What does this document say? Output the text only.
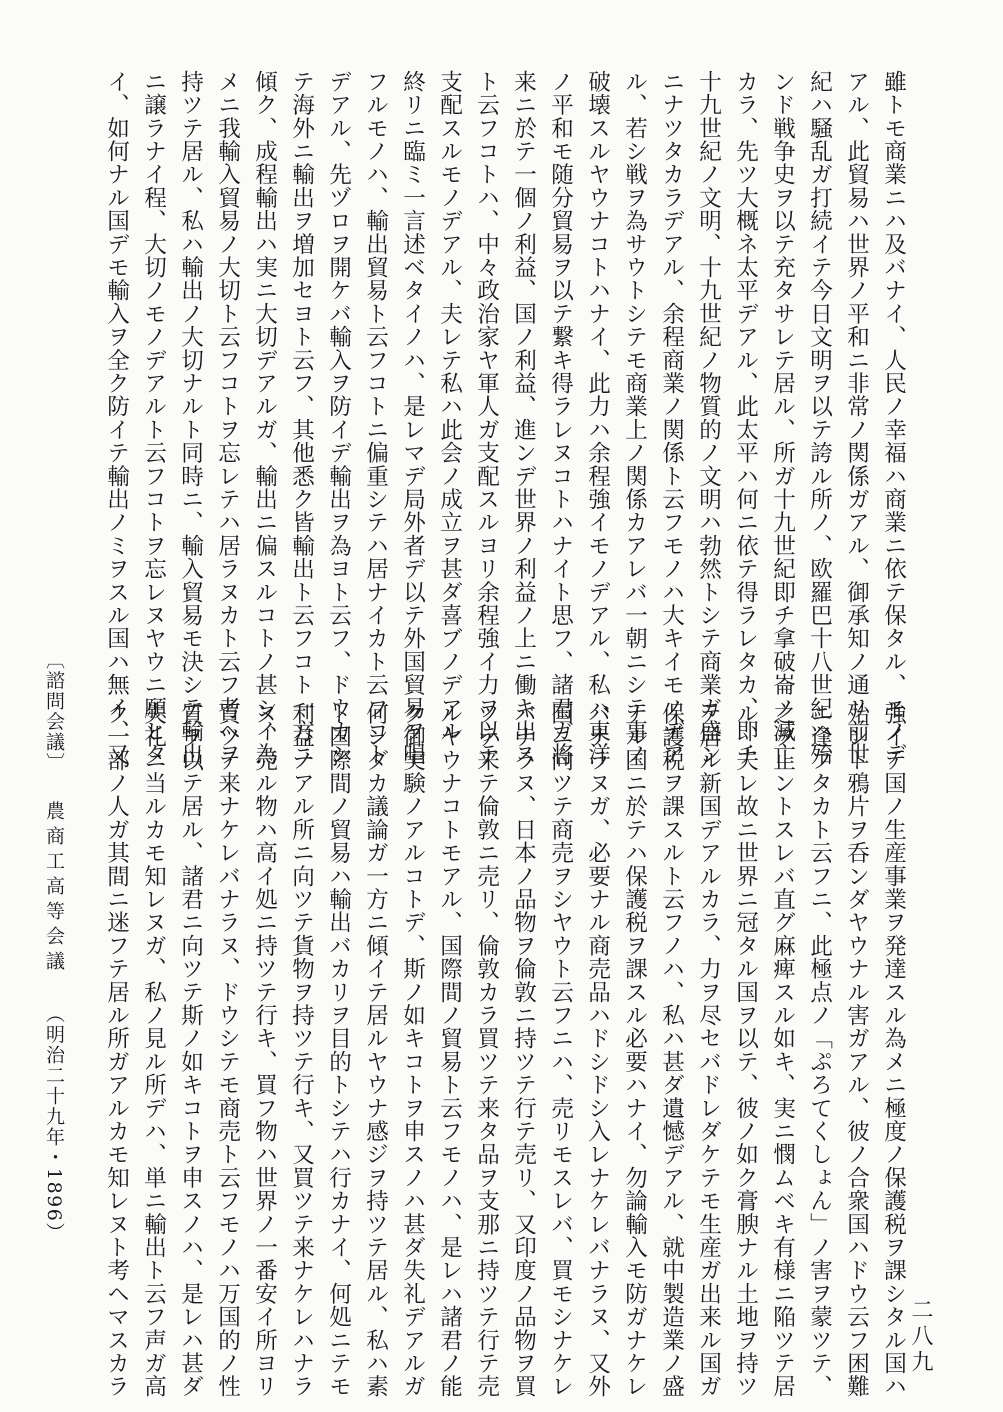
〔諮問会議〕農商工高等会議（明治二十九年・1896）
雖トモ商業ニハ及バナイ、人民ノ幸福ハ商業ニ依テ保タル、モノデ
アル、此貿易ハ世界ノ平和ニ非常ノ関係ガアル、御承知ノ通リ前世
紀ハ騒乱ガ打続イテ今日文明ヲ以テ誇ル所ノ、欧羅巴十八世紀ハ殆
ンド戦争史ヲ以テ充タサレテ居ル、所ガ十九世紀即チ拿破崙ノ滅亡
カラ、先ツ大概ネ太平デアル、此太平ハ何ニ依テ得ラレタカ、即チ
十九世紀ノ文明、十九世紀ノ物質的ノ文明ハ勃然トシテ商業ガ盛ン
ニナツタカラデアル、余程商業ノ関係ト云フモノハ大キイモノデア
ル、若シ戦ヲ為サウトシテモ商業上ノ関係カアレバ一朝ニシテ事ノ
破壊スルヤウナコトハナイ、此力ハ余程強イモノデアル、私ハ東洋
ノ平和モ随分貿易ヲ以テ繋キ得ラレヌコトハナイト思フ、諸君ガ将
来ニ於テ一個ノ利益、国ノ利益、進ンデ世界ノ利益ノ上ニ働キ出ス
ト云フコトハ、中々政治家ヤ軍人ガ支配スルヨリ余程強イ力ヲ以テ
支配スルモノデアル、夫レテ私ハ此会ノ成立ヲ甚ダ喜ブノデアル
終リニ臨ミ一言述ベタイノハ、是レマデ局外者デ以テ外国貿易ヲ唱
フルモノハ、輸出貿易ト云フコトニ偏重シテハ居ナイカト云フコト
デアル、先ヅロヲ開ケバ輸入ヲ防イデ輸出ヲ為ヨト云フ、ドウカシ
テ海外ニ輸出ヲ増加セヨト云フ、其他悉ク皆輸出ト云フコト一方ニ
傾ク、成程輸出ハ実ニ大切デアルガ、輸出ニ偏スルコトノ甚シイ為
メニ我輸入貿易ノ大切ト云フコトヲ忘レテハ居ラヌカト云フ考ヘヲ
持ツテ居ル、私ハ輸出ノ大切ナルト同時ニ、輸入貿易モ決シテ輸出
ニ譲ラナイ程、大切ノモノデアルト云フコトヲ忘レヌヤウニ願ヒタ
イ、如何ナル国デモ輸入ヲ全ク防イテ輸出ノミヲスル国ハ無イ、又
強イテ国ノ生産事業ヲ発達スル為メニ極度ノ保護税ヲ課シタル国ハ
殆ント鴉片ヲ呑ンダヤウナル害ガアル、彼ノ合衆国ハドウ云フ困難
ニ逢フタカト云フニ、此極点ノ「ぷろてくしょん」ノ害ヲ蒙ツテ、
之ヲ止ントスレバ直グ麻痺スル如キ、実ニ憫ムベキ有様ニ陥ツテ居
ル、夫レ故ニ世界ニ冠タル国ヲ以テ、彼ノ如ク膏腴ナル土地ヲ持ツ
テ居ル新国デアルカラ、力ヲ尽セバドレダケテモ生産ガ出来ル国ガ
保護税ヲ課スルト云フノハ、私ハ甚ダ遺憾デアル、就中製造業ノ盛
ナル国ニ於テハ保護税ヲ課スル必要ハナイ、勿論輸入モ防ガナケレ
バナラヌガ、必要ナル商売品ハドシドシ入レナケレバナラヌ、又外
国ニ向ツテ商売ヲシヤウト云フニハ、売リモスレバ、買モシナケレ
バナラヌ、日本ノ品物ヲ倫敦ニ持ツテ行テ売リ、又印度ノ品物ヲ買
ツテ来テ倫敦ニ売リ、倫敦カラ買ツテ来タ品ヲ支那ニ持ツテ行テ売
ルヤウナコトモアル、国際間ノ貿易ト云フモノハ、是レハ諸君ノ能
ク御実験ノアルコトデ、斯ノ如キコトヲ申スノハ甚ダ失礼デアルガ
何ンダカ議論ガ一方ニ傾イテ居ルヤウナ感ジヲ持ツテ居ル、私ハ素
ト国際間ノ貿易ハ輸出バカリヲ目的トシテハ行カナイ、何処ニテモ
利益ノアル所ニ向ツテ貨物ヲ持ツテ行キ、又買ツテ来ナケレハナラ
ヌ、売ル物ハ高イ処ニ持ツテ行キ、買フ物ハ世界ノ一番安イ所ヨリ
買ツテ来ナケレバナラヌ、ドウシテモ商売ト云フモノハ万国的ノ性
質ヲ以テ居ル、諸君ニ向ツテ斯ノ如キコトヲ申スノハ、是レハ甚ダ
失礼ニ当ルカモ知レヌガ、私ノ見ル所デハ、単ニ輸出ト云フ声ガ高
ク一部ノ人ガ其間ニ迷フテ居ル所ガアルカモ知レヌト考ヘマスカラ	二八九
